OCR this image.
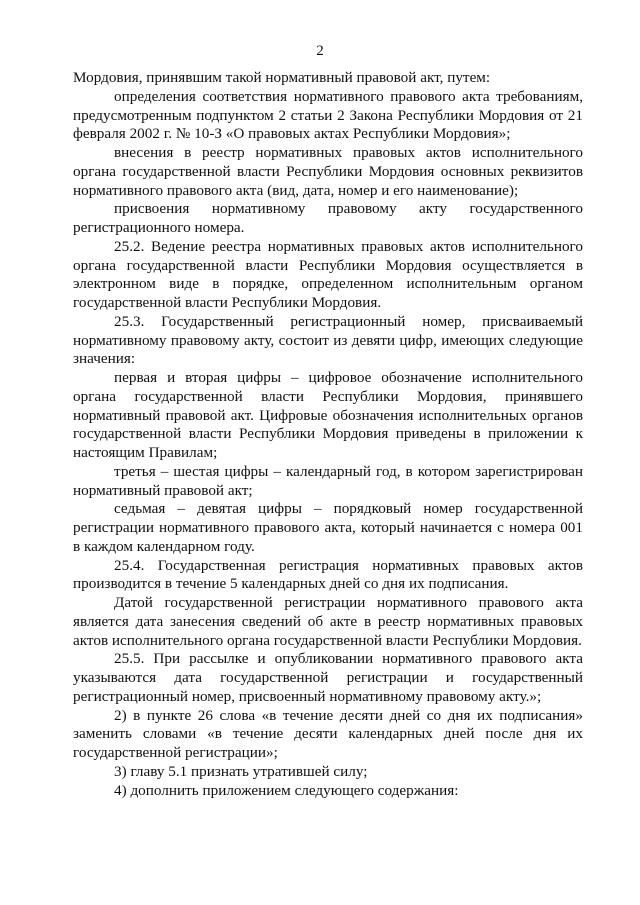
2

Мордовия, принявшим такой нормативный правовой акт, путем:

определения соответствия нормативного правового акта требованиям, предусмотренным подпунктом 2 статьи 2 Закона Республики Мордовия от 21 февраля 2002 г. № 10-З «О правовых актах Республики Мордовия»;

внесения в реестр нормативных правовых актов исполнительного органа государственной власти Республики Мордовия основных реквизитов нормативного правового акта (вид, дата, номер и его наименование);

присвоения нормативному правовому акту государственного регистрационного номера.

25.2. Ведение реестра нормативных правовых актов исполнительного органа государственной власти Республики Мордовия осуществляется в электронном виде в порядке, определенном исполнительным органом государственной власти Республики Мордовия.

25.3. Государственный регистрационный номер, присваиваемый нормативному правовому акту, состоит из девяти цифр, имеющих следующие значения:

первая и вторая цифры – цифровое обозначение исполнительного органа государственной власти Республики Мордовия, принявшего нормативный правовой акт. Цифровые обозначения исполнительных органов государственной власти Республики Мордовия приведены в приложении к настоящим Правилам;

третья – шестая цифры – календарный год, в котором зарегистрирован нормативный правовой акт;

седьмая – девятая цифры – порядковый номер государственной регистрации нормативного правового акта, который начинается с номера 001 в каждом календарном году.

25.4. Государственная регистрация нормативных правовых актов производится в течение 5 календарных дней со дня их подписания.

Датой государственной регистрации нормативного правового акта является дата занесения сведений об акте в реестр нормативных правовых актов исполнительного органа государственной власти Республики Мордовия.

25.5. При рассылке и опубликовании нормативного правового акта указываются дата государственной регистрации и государственный регистрационный номер, присвоенный нормативному правовому акту.»;

2) в пункте 26 слова «в течение десяти дней со дня их подписания» заменить словами «в течение десяти календарных дней после дня их государственной регистрации»;

3) главу 5.1 признать утратившей силу;

4) дополнить приложением следующего содержания:
